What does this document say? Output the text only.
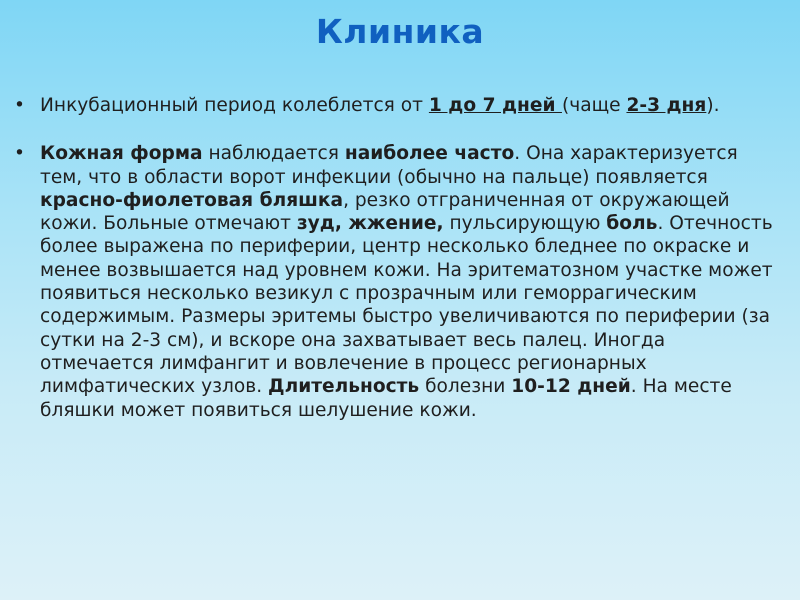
Клиника
• Инкубационный период колеблется от 1 до 7 дней (чаще 2-3 дня).
• Кожная форма наблюдается наиболее часто. Она характеризуется тем, что в области ворот инфекции (обычно на пальце) появляется красно-фиолетовая бляшка, резко отграниченная от окружающей кожи. Больные отмечают зуд, жжение, пульсирующую боль. Отечность более выражена по периферии, центр несколько бледнее по окраске и менее возвышается над уровнем кожи. На эритематозном участке может появиться несколько везикул с прозрачным или геморрагическим содержимым. Размеры эритемы быстро увеличиваются по периферии (за сутки на 2-3 см), и вскоре она захватывает весь палец. Иногда отмечается лимфангит и вовлечение в процесс регионарных лимфатических узлов. Длительность болезни 10-12 дней. На месте бляшки может появиться шелушение кожи.
